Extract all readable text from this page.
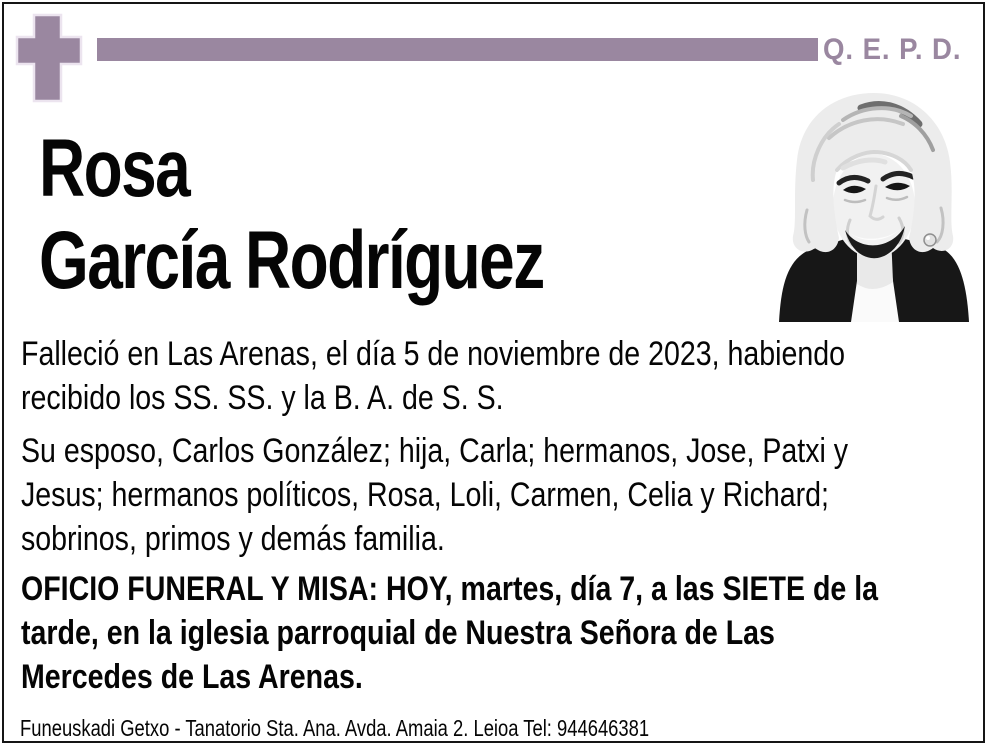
Q. E. P. D.
Rosa
García Rodríguez
Falleció en Las Arenas, el día 5 de noviembre de 2023, habiendo
recibido los SS. SS. y la B. A. de S. S.
Su esposo, Carlos González; hija, Carla; hermanos, Jose, Patxi y
Jesus; hermanos políticos, Rosa, Loli, Carmen, Celia y Richard;
sobrinos, primos y demás familia.
OFICIO FUNERAL Y MISA: HOY, martes, día 7, a las SIETE de la
tarde, en la iglesia parroquial de Nuestra Señora de Las
Mercedes de Las Arenas.
Funeuskadi Getxo - Tanatorio Sta. Ana. Avda. Amaia 2. Leioa Tel: 944646381
